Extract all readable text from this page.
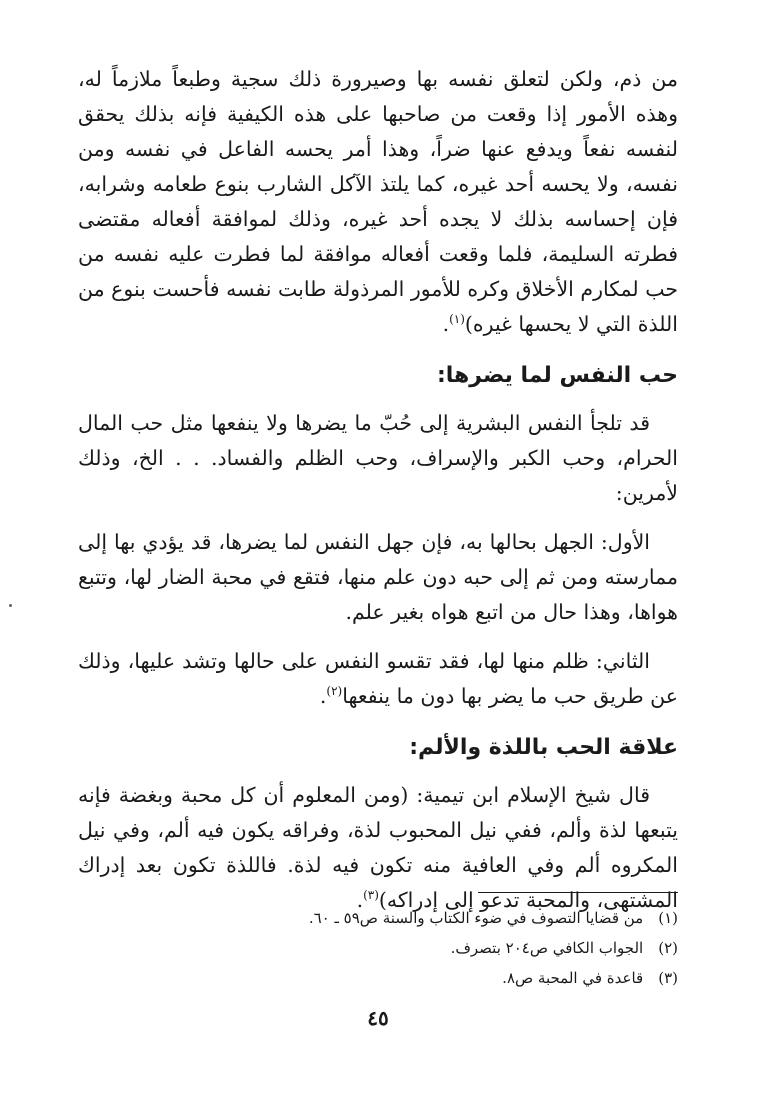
من ذم، ولكن لتعلق نفسه بها وصيرورة ذلك سجية وطبعاً ملازماً له، وهذه الأمور إذا وقعت من صاحبها على هذه الكيفية فإنه بذلك يحقق لنفسه نفعاً ويدفع عنها ضراً، وهذا أمر يحسه الفاعل في نفسه ومن نفسه، ولا يحسه أحد غيره، كما يلتذ الآكل الشارب بنوع طعامه وشرابه، فإن إحساسه بذلك لا يجده أحد غيره، وذلك لموافقة أفعاله مقتضى فطرته السليمة، فلما وقعت أفعاله موافقة لما فطرت عليه نفسه من حب لمكارم الأخلاق وكره للأمور المرذولة طابت نفسه فأحست بنوع من اللذة التي لا يحسها غيره)$^{(١)}$.

حب النفس لما يضرها:

قد تلجأ النفس البشرية إلى حُبّ ما يضرها ولا ينفعها مثل حب المال الحرام، وحب الكبر والإسراف، وحب الظلم والفساد. . . الخ، وذلك لأمرين:

الأول: الجهل بحالها به، فإن جهل النفس لما يضرها، قد يؤدي بها إلى ممارسته ومن ثم إلى حبه دون علم منها، فتقع في محبة الضار لها، وتتبع هواها، وهذا حال من اتبع هواه بغير علم.

الثاني: ظلم منها لها، فقد تقسو النفس على حالها وتشد عليها، وذلك عن طريق حب ما يضر بها دون ما ينفعها$^{(٢)}$.

علاقة الحب باللذة والألم:

قال شيخ الإسلام ابن تيمية: (ومن المعلوم أن كل محبة وبغضة فإنه يتبعها لذة وألم، ففي نيل المحبوب لذة، وفراقه يكون فيه ألم، وفي نيل المكروه ألم وفي العافية منه تكون فيه لذة. فاللذة تكون بعد إدراك المشتهى، والمحبة تدعو إلى إدراكه)$^{(٣)}$.

(١) من قضايا التصوف في ضوء الكتاب والسنة ص٥٩ ـ ٦٠.

(٢) الجواب الكافي ص٢٠٤ بتصرف.

(٣) قاعدة في المحبة ص٨.

٤٥
